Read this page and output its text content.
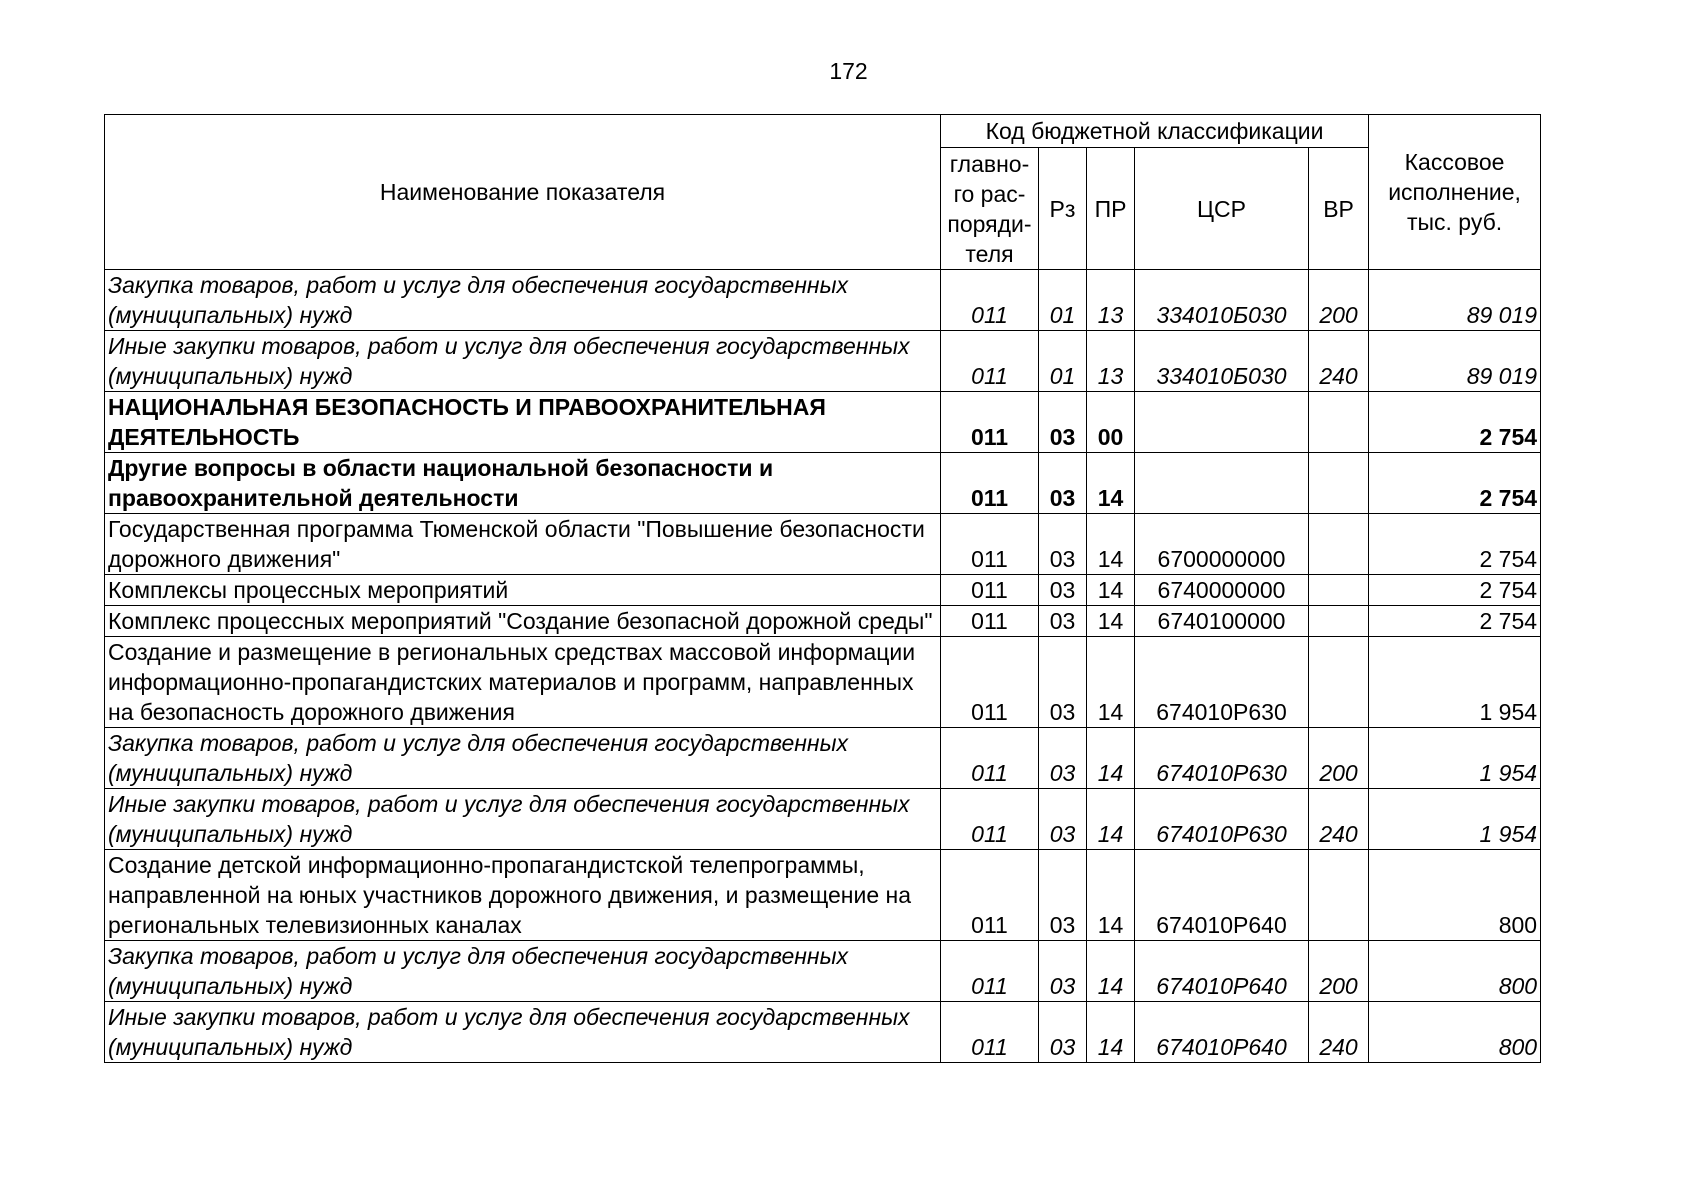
172
Наименование показателя	Код бюджетной классификации					Кассовое
исполнение,
тыс. руб.

	главно-
го рас-
поряди-
теля	Рз	ПР	ЦСР	ВР	
Закупка товаров, работ и услуг для обеспечения государственных (муниципальных) нужд	011	01	13	334010Б030	200	89 019
Иные закупки товаров, работ и услуг для обеспечения государственных (муниципальных) нужд	011	01	13	334010Б030	240	89 019
НАЦИОНАЛЬНАЯ БЕЗОПАСНОСТЬ И ПРАВООХРАНИТЕЛЬНАЯ ДЕЯТЕЛЬНОСТЬ	011	03	00			2 754
Другие вопросы в области национальной безопасности и правоохранительной деятельности	011	03	14			2 754
Государственная программа Тюменской области "Повышение безопасности дорожного движения"	011	03	14	6700000000		2 754
Комплексы процессных мероприятий	011	03	14	6740000000		2 754
Комплекс процессных мероприятий "Создание безопасной дорожной среды"	011	03	14	6740100000		2 754
Создание и размещение в региональных средствах массовой информации информационно-пропагандистских материалов и программ, направленных на безопасность дорожного движения	011	03	14	674010Р630		1 954
Закупка товаров, работ и услуг для обеспечения государственных (муниципальных) нужд	011	03	14	674010Р630	200	1 954
Иные закупки товаров, работ и услуг для обеспечения государственных (муниципальных) нужд	011	03	14	674010Р630	240	1 954
Создание детской информационно-пропагандистской телепрограммы, направленной на юных участников дорожного движения, и размещение на региональных телевизионных каналах	011	03	14	674010Р640		800
Закупка товаров, работ и услуг для обеспечения государственных (муниципальных) нужд	011	03	14	674010Р640	200	800
Иные закупки товаров, работ и услуг для обеспечения государственных (муниципальных) нужд	011	03	14	674010Р640	240	800
